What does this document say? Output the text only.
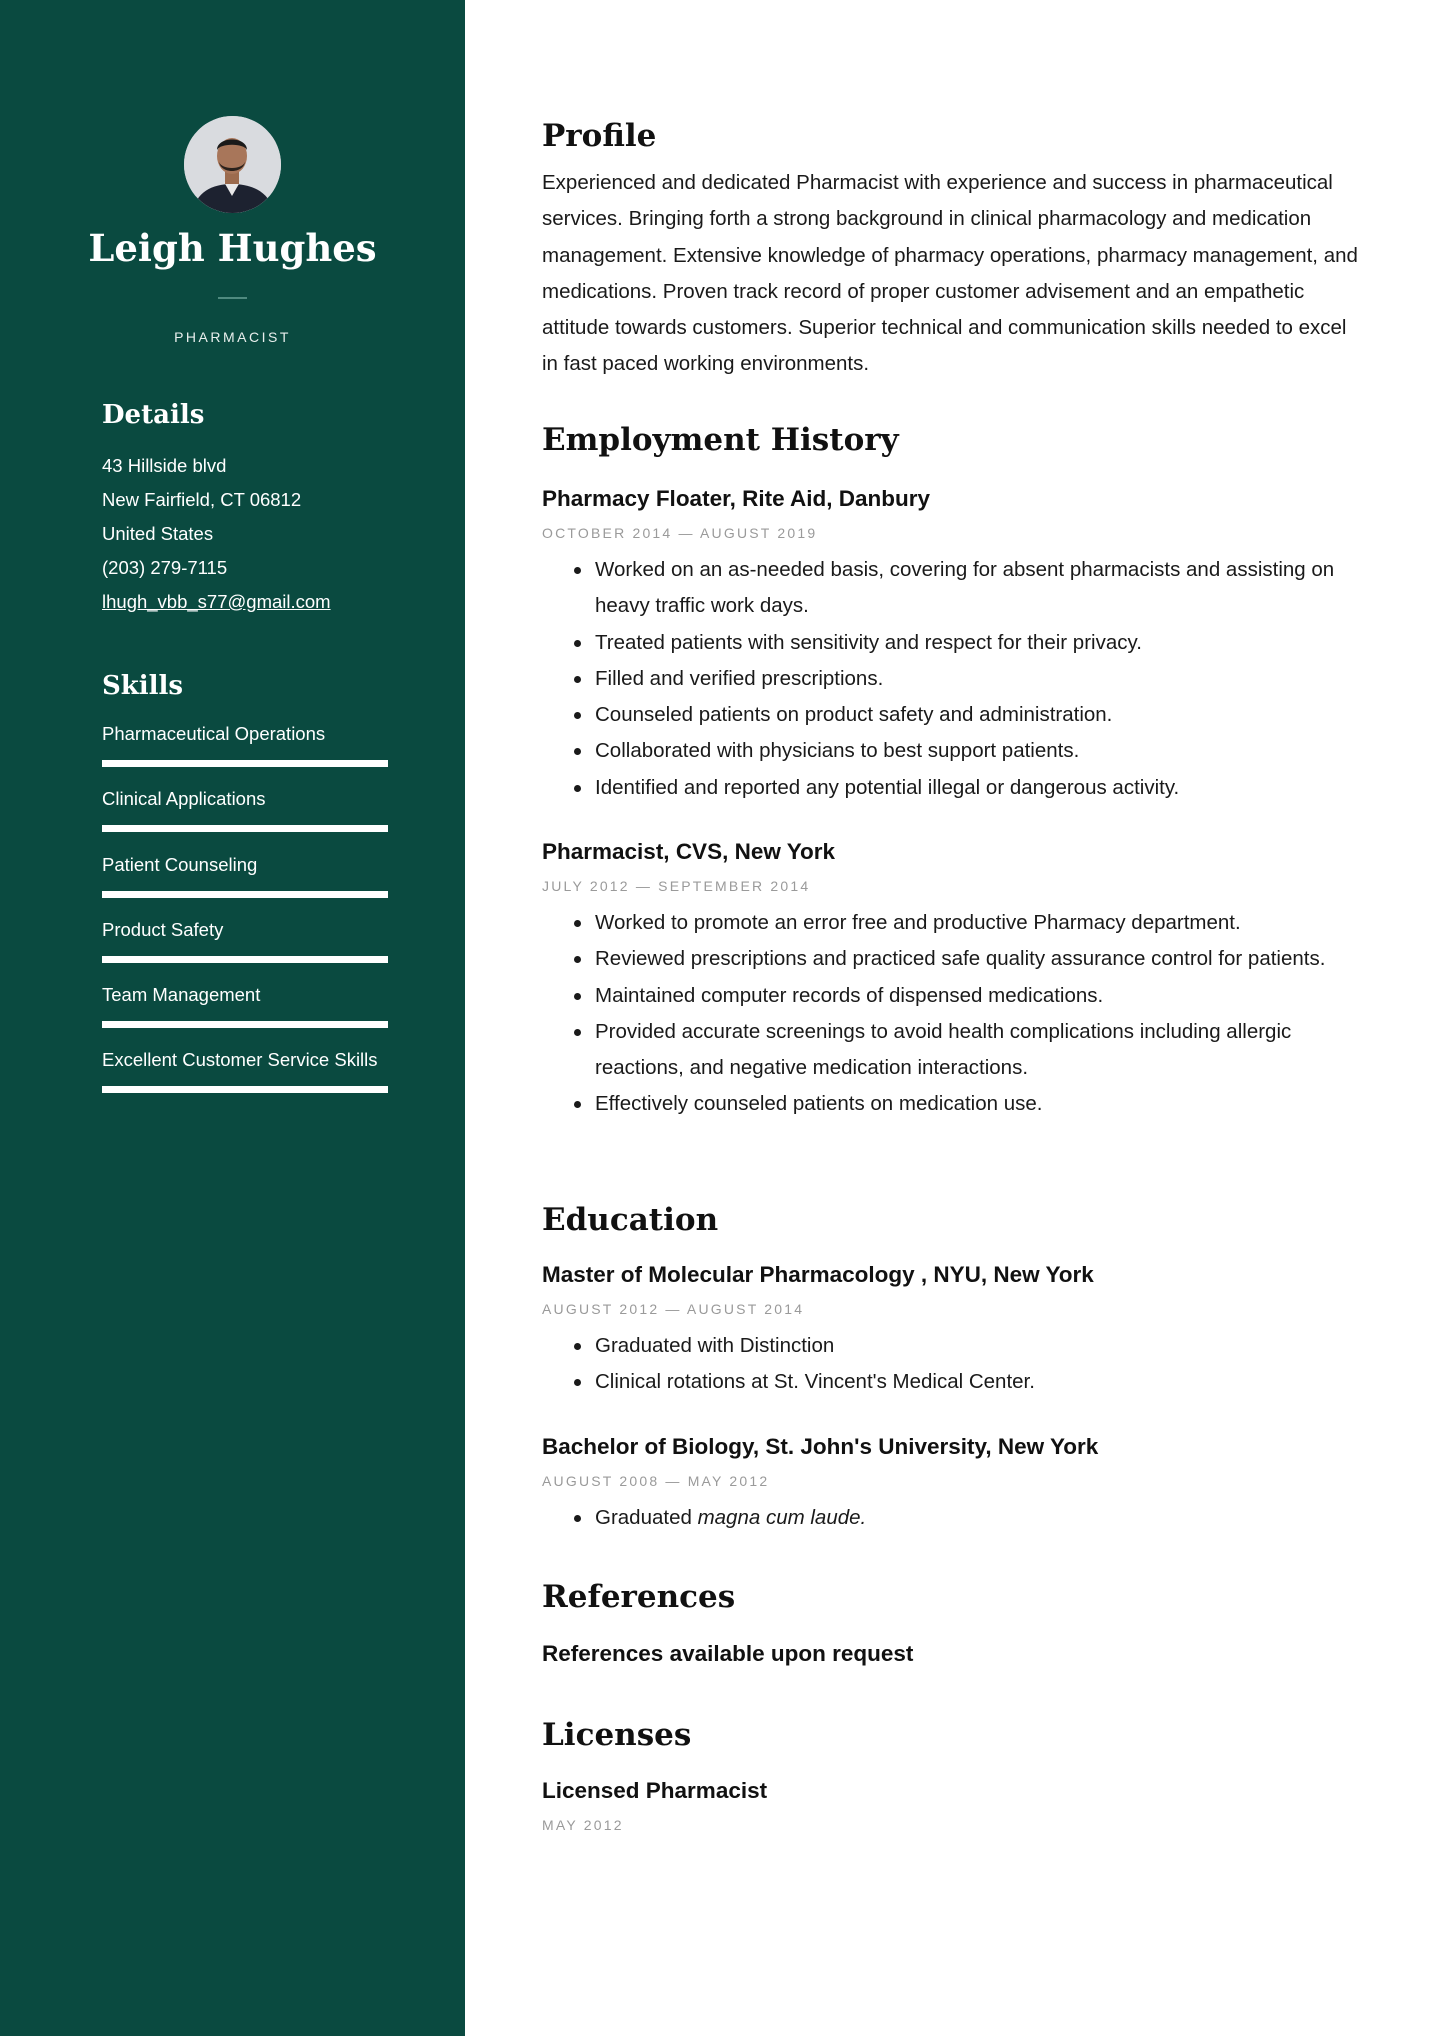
Leigh Hughes
PHARMACIST
Details
43 Hillside blvd
New Fairfield, CT 06812
United States
(203) 279-7115
lhugh_vbb_s77@gmail.com
Skills
Pharmaceutical Operations
Clinical Applications
Patient Counseling
Product Safety
Team Management
Excellent Customer Service Skills
Profile

Experienced and dedicated Pharmacist with experience and success in pharmaceutical services. Bringing forth a strong background in clinical pharmacology and medication management. Extensive knowledge of pharmacy operations, pharmacy management, and medications. Proven track record of proper customer advisement and an empathetic attitude towards customers. Superior technical and communication skills needed to excel in fast paced working environments.

Employment History
Pharmacy Floater, Rite Aid, Danbury
OCTOBER 2014 — AUGUST 2019
Worked on an as-needed basis, covering for absent pharmacists and assisting on heavy traffic work days.
Treated patients with sensitivity and respect for their privacy.
Filled and verified prescriptions.
Counseled patients on product safety and administration.
Collaborated with physicians to best support patients.
Identified and reported any potential illegal or dangerous activity.
Pharmacist, CVS, New York
JULY 2012 — SEPTEMBER 2014
Worked to promote an error free and productive Pharmacy department.
Reviewed prescriptions and practiced safe quality assurance control for patients.
Maintained computer records of dispensed medications.
Provided accurate screenings to avoid health complications including allergic reactions, and negative medication interactions.
Effectively counseled patients on medication use.
Education
Master of Molecular Pharmacology , NYU, New York
AUGUST 2012 — AUGUST 2014
Graduated with Distinction
Clinical rotations at St. Vincent's Medical Center.
Bachelor of Biology, St. John's University, New York
AUGUST 2008 — MAY 2012
Graduated magna cum laude.
References
References available upon request
Licenses
Licensed Pharmacist
MAY 2012
